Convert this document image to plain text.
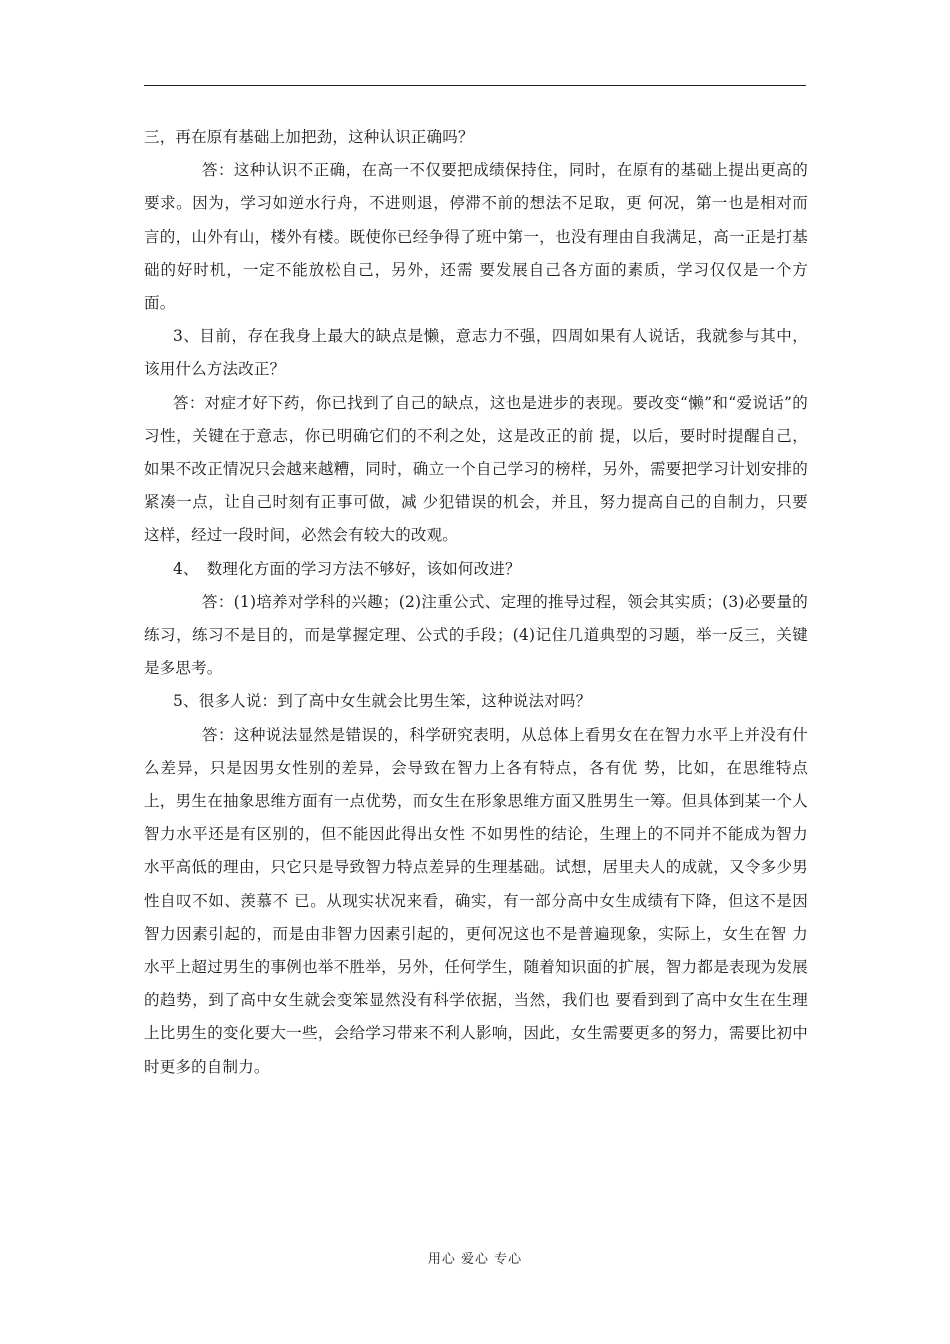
三，再在原有基础上加把劲，这种认识正确吗？

答：这种认识不正确，在高一不仅要把成绩保持住，同时，在原有的基础上提出更高的要求。因为，学习如逆水行舟，不进则退，停滞不前的想法不足取，更 何况，第一也是相对而言的，山外有山，楼外有楼。既使你已经争得了班中第一，也没有理由自我满足，高一正是打基础的好时机，一定不能放松自己，另外，还需 要发展自己各方面的素质，学习仅仅是一个方面。

3、目前，存在我身上最大的缺点是懒，意志力不强，四周如果有人说话，我就参与其中，该用什么方法改正？

答：对症才好下药，你已找到了自己的缺点，这也是进步的表现。要改变“懒”和“爱说话”的习性，关键在于意志，你已明确它们的不利之处，这是改正的前 提，以后，要时时提醒自己，如果不改正情况只会越来越糟，同时，确立一个自己学习的榜样，另外，需要把学习计划安排的紧凑一点，让自己时刻有正事可做，减 少犯错误的机会，并且，努力提高自己的自制力，只要这样，经过一段时间，必然会有较大的改观。

4、　数理化方面的学习方法不够好，该如何改进？

答：(1)培养对学科的兴趣；(2)注重公式、定理的推导过程，领会其实质；(3)必要量的练习，练习不是目的，而是掌握定理、公式的手段；(4)记住几道典型的习题，举一反三，关键是多思考。

5、很多人说：到了高中女生就会比男生笨，这种说法对吗？

答：这种说法显然是错误的，科学研究表明，从总体上看男女在在智力水平上并没有什么差异，只是因男女性别的差异，会导致在智力上各有特点，各有优 势，比如，在思维特点上，男生在抽象思维方面有一点优势，而女生在形象思维方面又胜男生一筹。但具体到某一个人智力水平还是有区别的，但不能因此得出女性 不如男性的结论，生理上的不同并不能成为智力水平高低的理由，只它只是导致智力特点差异的生理基础。试想，居里夫人的成就，又令多少男性自叹不如、羡慕不 已。从现实状况来看，确实，有一部分高中女生成绩有下降，但这不是因智力因素引起的，而是由非智力因素引起的，更何况这也不是普遍现象，实际上，女生在智 力水平上超过男生的事例也举不胜举，另外，任何学生，随着知识面的扩展，智力都是表现为发展的趋势，到了高中女生就会变笨显然没有科学依据，当然，我们也 要看到到了高中女生在生理上比男生的变化要大一些，会给学习带来不利人影响，因此，女生需要更多的努力，需要比初中时更多的自制力。

用心 爱心 专心
